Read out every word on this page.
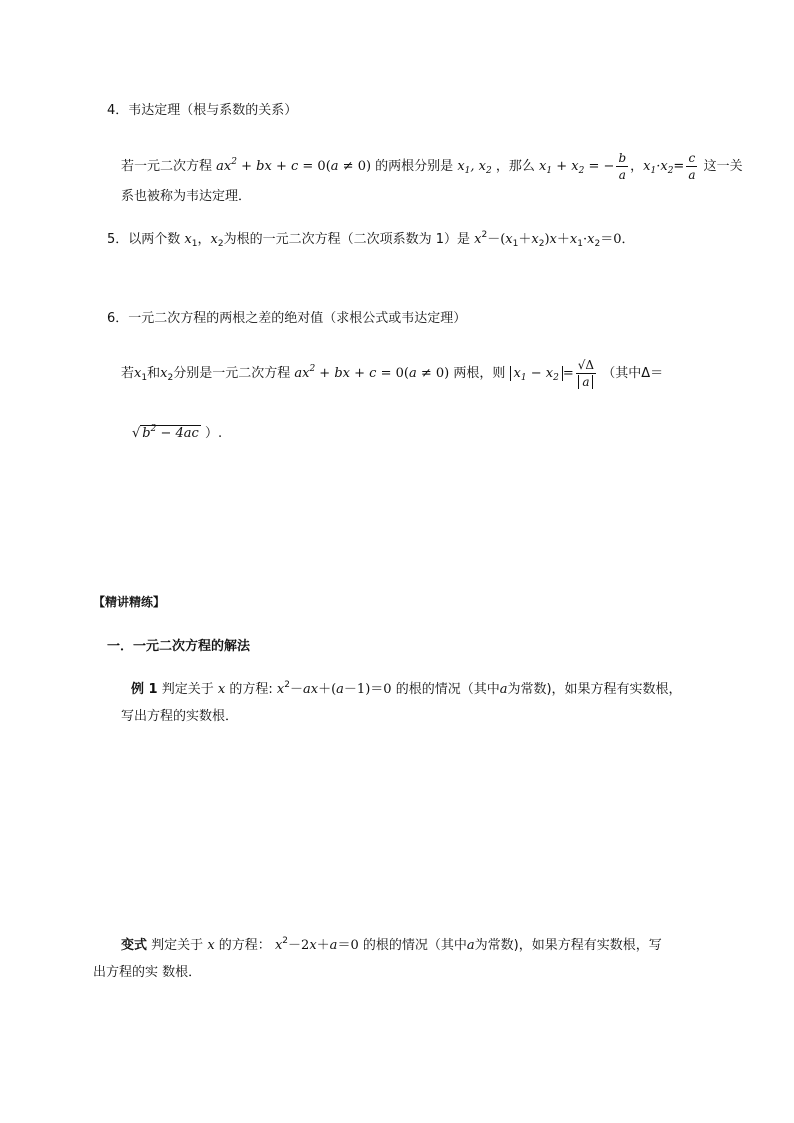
4．韦达定理（根与系数的关系）
若一元二次方程 $ax^2$ + bx + c = 0(a ≠ 0) 的两根分别是 $x_1$, $x_2$ ，那么 $x_1 + x_2$ = − $\frac{b}{a}$ ，$x_1\cdot x_2= \frac{c}{a}$ 这一关
系也被称为韦达定理．
5．以两个数 $x_1$，$x_2$为根的一元二次方程（二次项系数为 1）是 $x^2-(x_1+x_2)x+x_1\cdot x_2=0$．
6．一元二次方程的两根之差的绝对值（求根公式或韦达定理）
若$x_1$和$x_2$分别是一元二次方程 $ax^2$ + bx + c = 0(a ≠ 0) 两根，则 $x_1 - x_2 = \frac{√\Delta}{a}$ （其中Δ＝
√ $b^2 - 4ac$ ）.
【精讲精练】
一．一元二次方程的解法
例 1 判定关于 x 的方程: $x^2-ax+(a-1)=0$ 的根的情况（其中a为常数)，如果方程有实数根，
写出方程的实数根．
变式 判定关于 x 的方程： $x^2-2x+a=0$ 的根的情况（其中a为常数)，如果方程有实数根，写
出方程的实 数根．
